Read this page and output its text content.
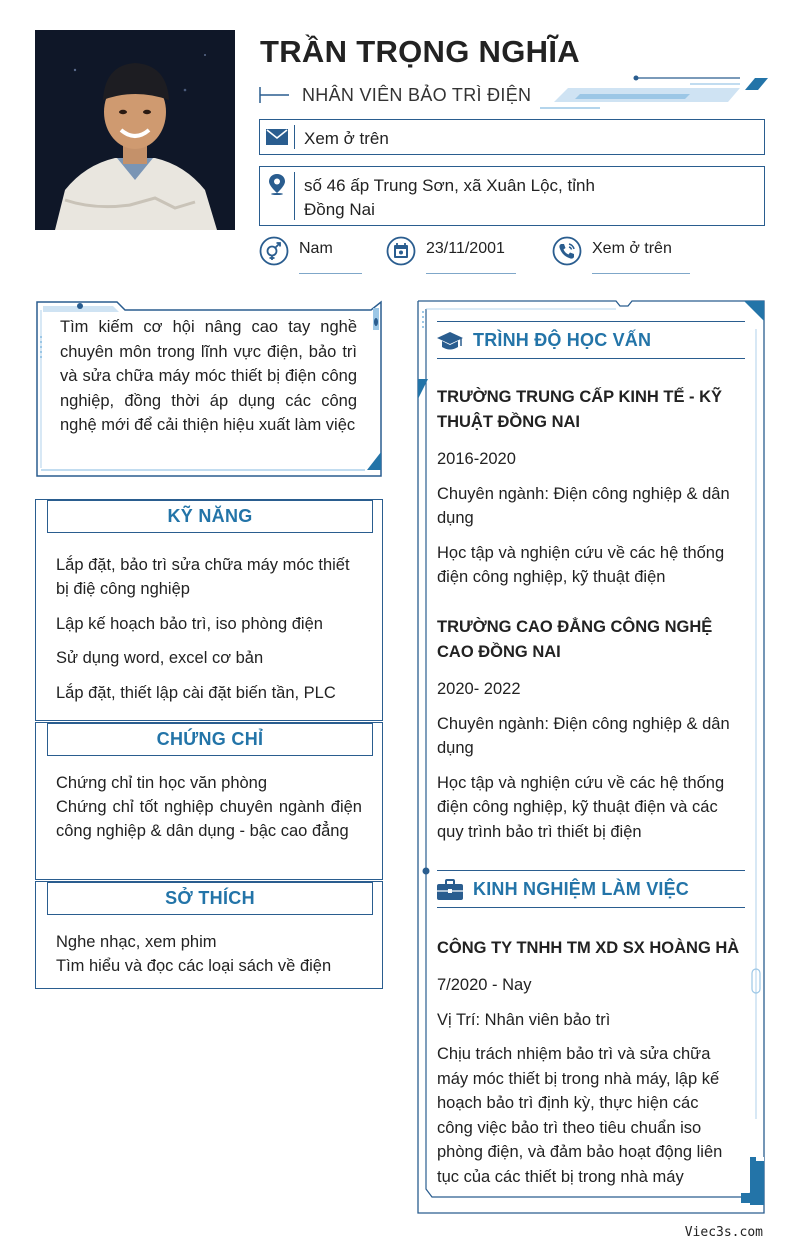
TRẦN TRỌNG NGHĨA
NHÂN VIÊN BẢO TRÌ ĐIỆN
Xem ở trên
số 46 ấp Trung Sơn, xã Xuân Lộc, tỉnh Đồng Nai
Nam	23/11/2001	Xem ở trên
Tìm kiếm cơ hội nâng cao tay nghề chuyên môn trong lĩnh vực điện, bảo trì và sửa chữa máy móc thiết bị điện công nghiệp, đồng thời áp dụng các công nghệ mới để cải thiện hiệu xuất làm việc
KỸ NĂNG
Lắp đặt, bảo trì sửa chữa máy móc thiết bị điệ công nghiệp
Lập kế hoạch bảo trì, iso phòng điện
Sử dụng word, excel cơ bản
Lắp đặt, thiết lập cài đặt biến tần, PLC
CHỨNG CHỈ
Chứng chỉ tin học văn phòng
Chứng chỉ tốt nghiệp chuyên ngành điện công nghiệp & dân dụng - bậc cao đẳng
SỞ THÍCH
Nghe nhạc, xem phim
Tìm hiểu và đọc các loại sách về điện
TRÌNH ĐỘ HỌC VẤN
TRƯỜNG TRUNG CẤP KINH TẾ - KỸ THUẬT ĐỒNG NAI
2016-2020
Chuyên ngành: Điện công nghiệp & dân dụng
Học tập và nghiện cứu về các hệ thống điện công nghiệp, kỹ thuật điện
TRƯỜNG CAO ĐẲNG CÔNG NGHỆ CAO ĐỒNG NAI
2020- 2022
Chuyên ngành: Điện công nghiệp & dân dụng
Học tập và nghiện cứu về các hệ thống điện công nghiệp, kỹ thuật điện và các quy trình bảo trì thiết bị điện
KINH NGHIỆM LÀM VIỆC
CÔNG TY TNHH TM XD SX HOÀNG HÀ
7/2020 - Nay
Vị Trí: Nhân viên bảo trì
Chịu trách nhiệm bảo trì và sửa chữa máy móc thiết bị trong nhà máy, lập kế hoạch bảo trì định kỳ, thực hiện các công việc bảo trì theo tiêu chuẩn iso phòng điện, và đảm bảo hoạt động liên tục của các thiết bị trong nhà máy
Viec3s.com
